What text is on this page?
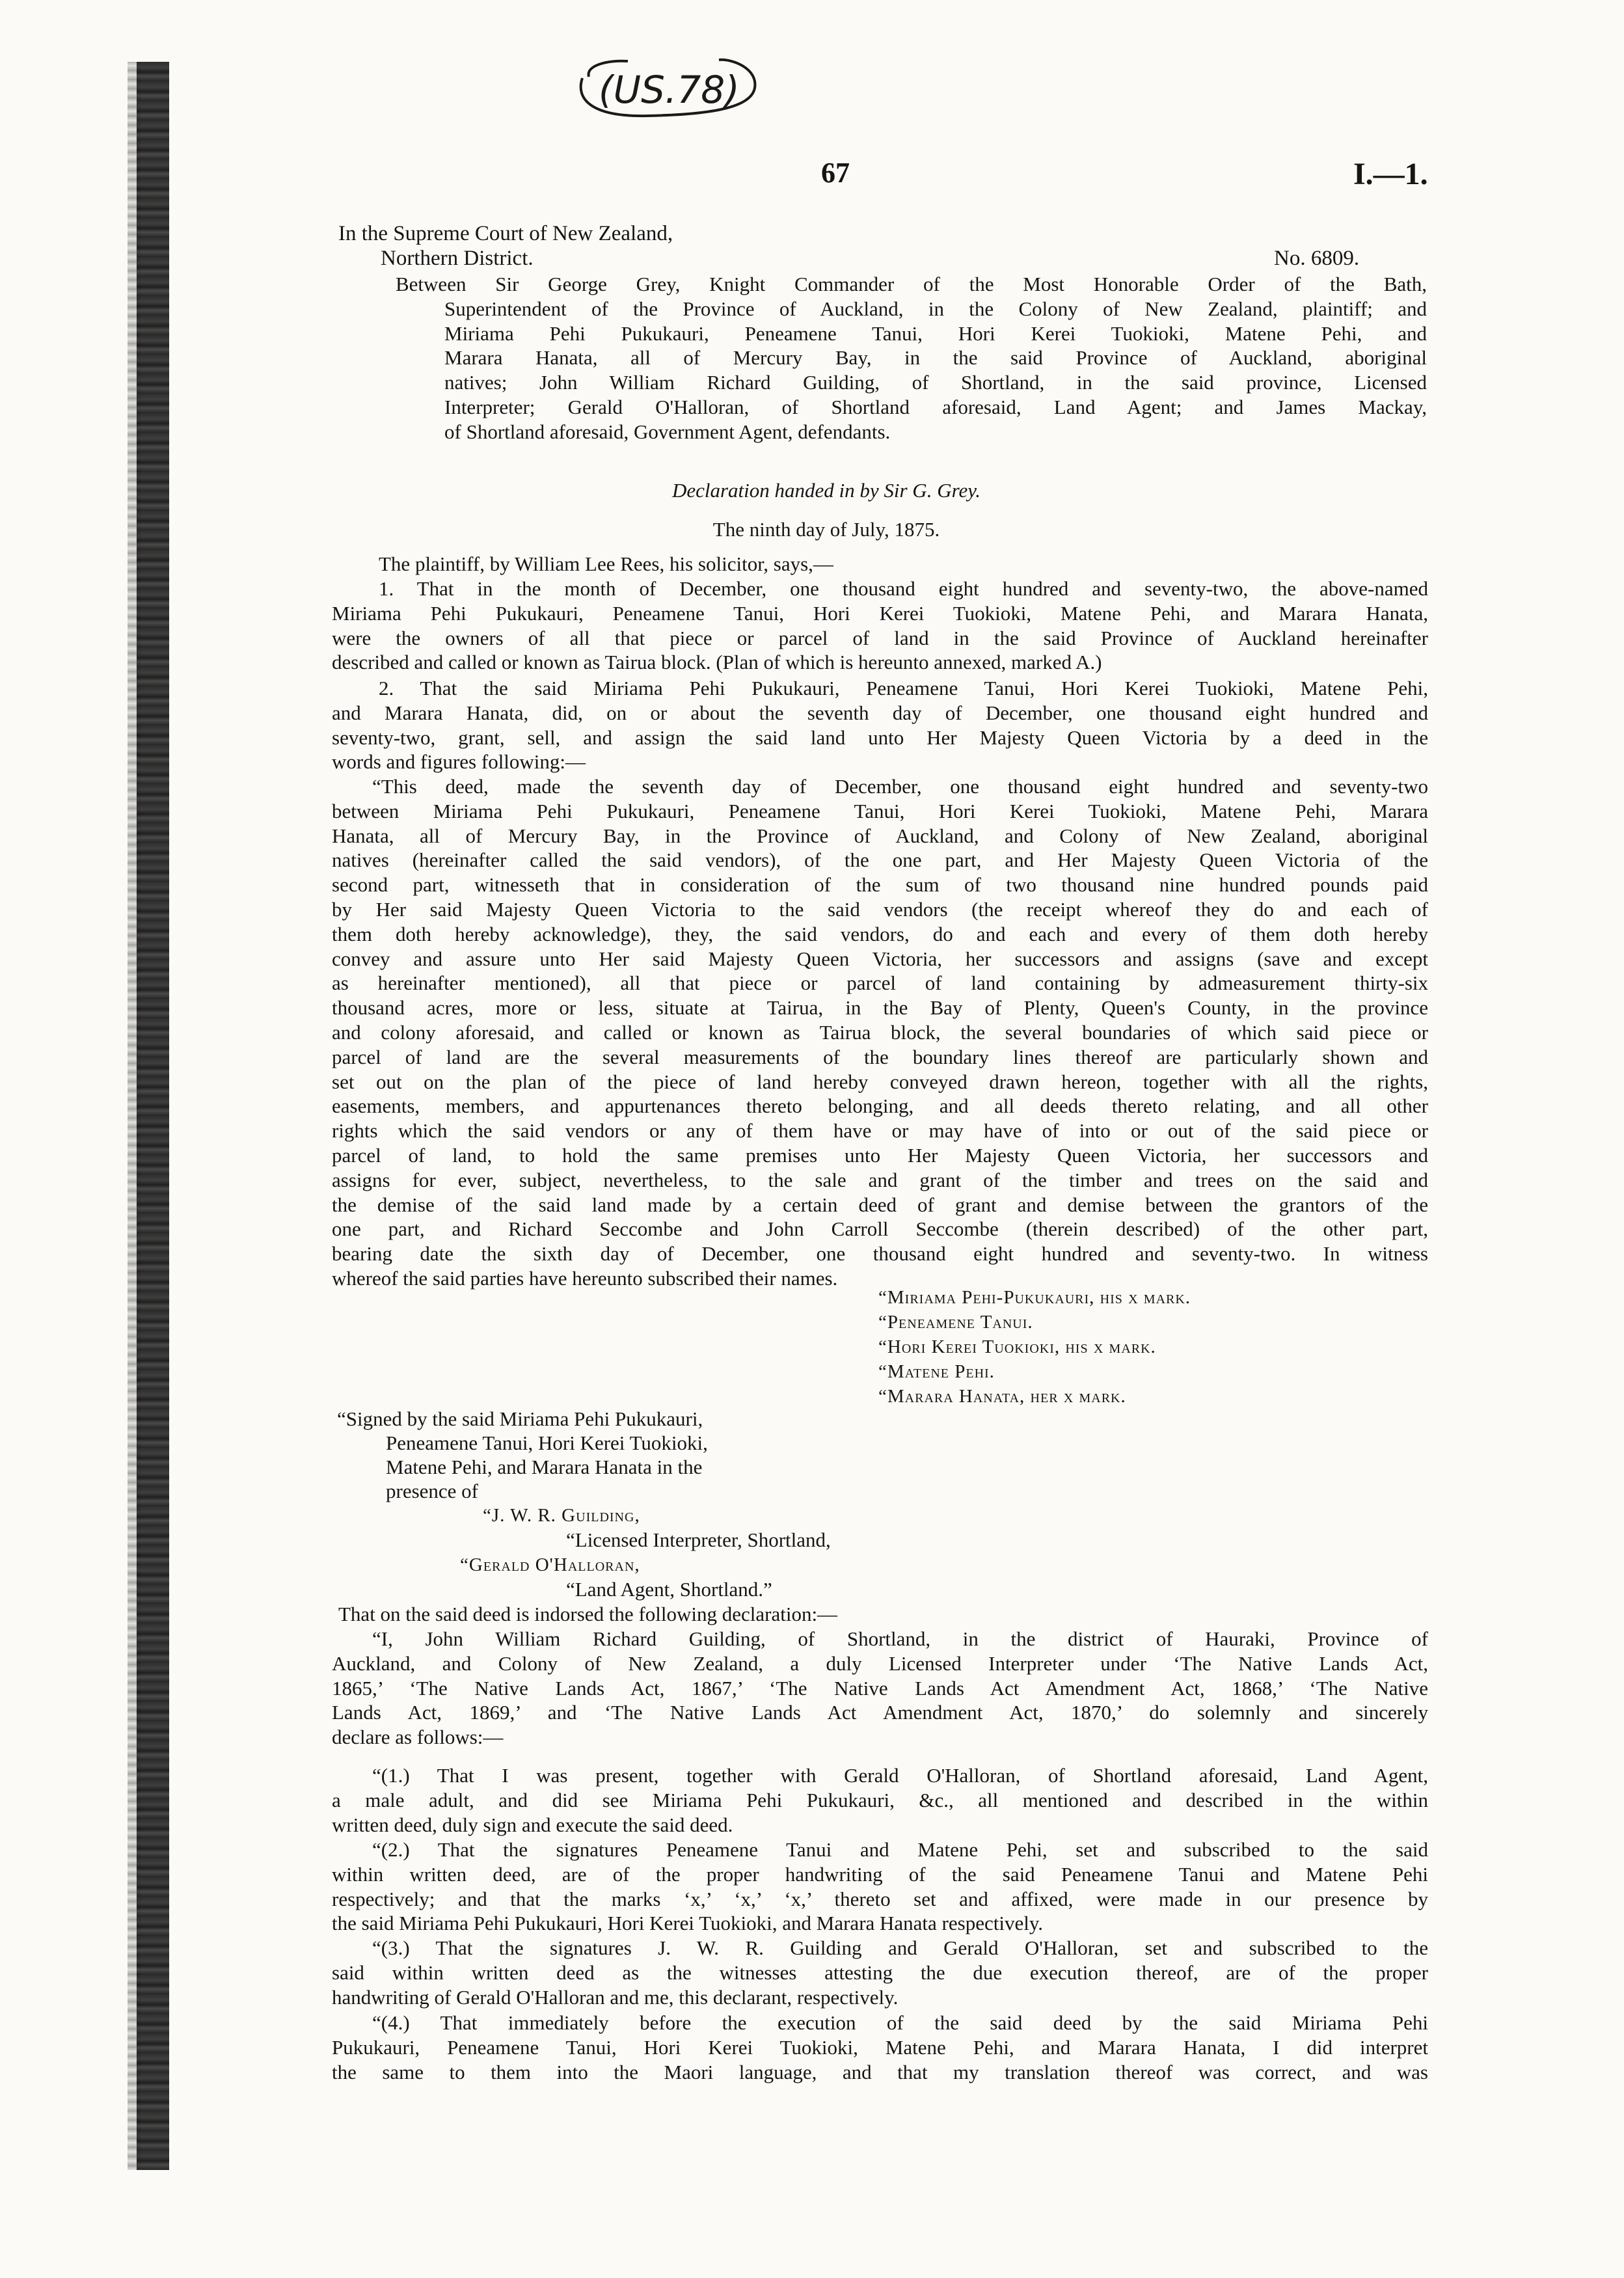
(US.78)
67	I.—1.
In the Supreme Court of New Zealand,
Northern District.	No. 6809.
Between Sir George Grey, Knight Commander of the Most Honorable Order of the Bath,
Superintendent of the Province of Auckland, in the Colony of New Zealand, plaintiff; and
Miriama Pehi Pukukauri, Peneamene Tanui, Hori Kerei Tuokioki, Matene Pehi, and
Marara Hanata, all of Mercury Bay, in the said Province of Auckland, aboriginal
natives; John William Richard Guilding, of Shortland, in the said province, Licensed
Interpreter; Gerald O'Halloran, of Shortland aforesaid, Land Agent; and James Mackay,
of Shortland aforesaid, Government Agent, defendants.
Declaration handed in by Sir G. Grey.
The ninth day of July, 1875.
The plaintiff, by William Lee Rees, his solicitor, says,—
1. That in the month of December, one thousand eight hundred and seventy-two, the above-named
Miriama Pehi Pukukauri, Peneamene Tanui, Hori Kerei Tuokioki, Matene Pehi, and Marara Hanata,
were the owners of all that piece or parcel of land in the said Province of Auckland hereinafter
described and called or known as Tairua block. (Plan of which is hereunto annexed, marked A.)
2. That the said Miriama Pehi Pukukauri, Peneamene Tanui, Hori Kerei Tuokioki, Matene Pehi,
and Marara Hanata, did, on or about the seventh day of December, one thousand eight hundred and
seventy-two, grant, sell, and assign the said land unto Her Majesty Queen Victoria by a deed in the
words and figures following:—
“This deed, made the seventh day of December, one thousand eight hundred and seventy-two
between Miriama Pehi Pukukauri, Peneamene Tanui, Hori Kerei Tuokioki, Matene Pehi, Marara
Hanata, all of Mercury Bay, in the Province of Auckland, and Colony of New Zealand, aboriginal
natives (hereinafter called the said vendors), of the one part, and Her Majesty Queen Victoria of the
second part, witnesseth that in consideration of the sum of two thousand nine hundred pounds paid
by Her said Majesty Queen Victoria to the said vendors (the receipt whereof they do and each of
them doth hereby acknowledge), they, the said vendors, do and each and every of them doth hereby
convey and assure unto Her said Majesty Queen Victoria, her successors and assigns (save and except
as hereinafter mentioned), all that piece or parcel of land containing by admeasurement thirty-six
thousand acres, more or less, situate at Tairua, in the Bay of Plenty, Queen's County, in the province
and colony aforesaid, and called or known as Tairua block, the several boundaries of which said piece or
parcel of land are the several measurements of the boundary lines thereof are particularly shown and
set out on the plan of the piece of land hereby conveyed drawn hereon, together with all the rights,
easements, members, and appurtenances thereto belonging, and all deeds thereto relating, and all other
rights which the said vendors or any of them have or may have of into or out of the said piece or
parcel of land, to hold the same premises unto Her Majesty Queen Victoria, her successors and
assigns for ever, subject, nevertheless, to the sale and grant of the timber and trees on the said and
the demise of the said land made by a certain deed of grant and demise between the grantors of the
one part, and Richard Seccombe and John Carroll Seccombe (therein described) of the other part,
bearing date the sixth day of December, one thousand eight hundred and seventy-two. In witness
whereof the said parties have hereunto subscribed their names.
“Miriama Pehi-Pukukauri, his x mark.
“Peneamene Tanui.
“Hori Kerei Tuokioki, his x mark.
“Matene Pehi.
“Marara Hanata, her x mark.
“Signed by the said Miriama Pehi Pukukauri,
Peneamene Tanui, Hori Kerei Tuokioki,
Matene Pehi, and Marara Hanata in the
presence of
“J. W. R. Guilding,
“Licensed Interpreter, Shortland,
“Gerald O'Halloran,
“Land Agent, Shortland.”
That on the said deed is indorsed the following declaration:—
“I, John William Richard Guilding, of Shortland, in the district of Hauraki, Province of
Auckland, and Colony of New Zealand, a duly Licensed Interpreter under ‘The Native Lands Act,
1865,’ ‘The Native Lands Act, 1867,’ ‘The Native Lands Act Amendment Act, 1868,’ ‘The Native
Lands Act, 1869,’ and ‘The Native Lands Act Amendment Act, 1870,’ do solemnly and sincerely
declare as follows:—
“(1.) That I was present, together with Gerald O'Halloran, of Shortland aforesaid, Land Agent,
a male adult, and did see Miriama Pehi Pukukauri, &c., all mentioned and described in the within
written deed, duly sign and execute the said deed.
“(2.) That the signatures Peneamene Tanui and Matene Pehi, set and subscribed to the said
within written deed, are of the proper handwriting of the said Peneamene Tanui and Matene Pehi
respectively; and that the marks ‘x,’ ‘x,’ ‘x,’ thereto set and affixed, were made in our presence by
the said Miriama Pehi Pukukauri, Hori Kerei Tuokioki, and Marara Hanata respectively.
“(3.) That the signatures J. W. R. Guilding and Gerald O'Halloran, set and subscribed to the
said within written deed as the witnesses attesting the due execution thereof, are of the proper
handwriting of Gerald O'Halloran and me, this declarant, respectively.
“(4.) That immediately before the execution of the said deed by the said Miriama Pehi
Pukukauri, Peneamene Tanui, Hori Kerei Tuokioki, Matene Pehi, and Marara Hanata, I did interpret
the same to them into the Maori language, and that my translation thereof was correct, and was
